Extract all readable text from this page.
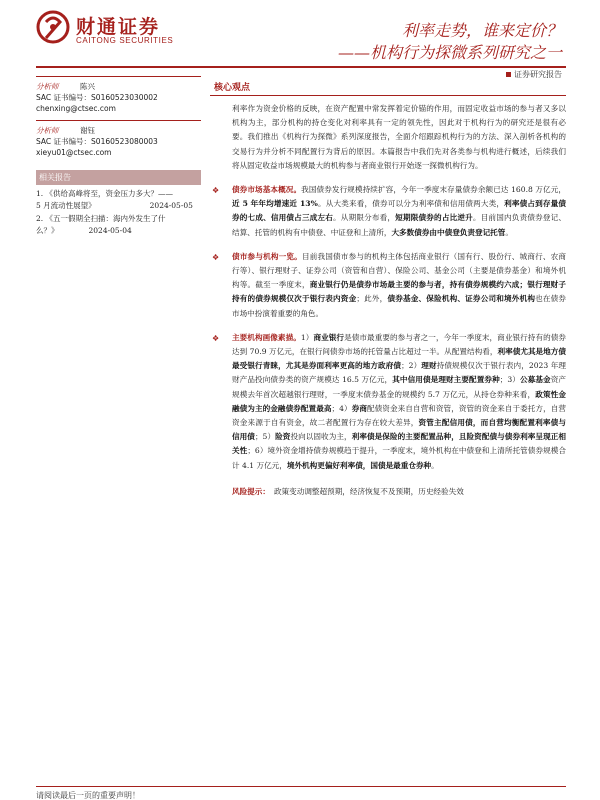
财通证券
CAITONG SECURITIES
利率走势，谁来定价？
——机构行为探微系列研究之一
证券研究报告
分析师	陈兴
SAC 证书编号：S0160523030002
chenxing@ctsec.com
分析师	谢钰
SAC 证书编号：S0160523080003
xieyu01@ctsec.com
相关报告
1. 《供给高峰将至，资金压力多大？——
5 月流动性展望》	2024-05-05
2. 《五一假期全扫描：海内外发生了什
么？》	2024-05-04
核心观点
利率作为资金价格的反映，在资产配置中常发挥着定价锚的作用，而固定收益市场的参与者又多以机构为主，部分机构的持仓变化对利率具有一定的领先性，因此对于机构行为的研究还是很有必要。我们推出《机构行为探微》系列深度报告，全面介绍跟踪机构行为的方法、深入剖析各机构的交易行为并分析不同配置行为背后的原因。本篇报告中我们先对各类参与机构进行概述，后续我们将从固定收益市场规模最大的机构参与者商业银行开始逐一探微机构行为。
❖ 债券市场基本概况。我国债券发行规模持续扩容，今年一季度末存量债券余额已达 160.8 万亿元，近 5 年年均增速近 13%。从大类来看，债券可以分为利率债和信用债两大类，利率债占到存量债券的七成、信用债占三成左右。从期限分布看，短期限债券的占比逆升。目前国内负责债券登记、结算、托管的机构有中债登、中证登和上清所，大多数债券由中债登负责登记托管。
❖ 债市参与机构一览。目前我国债市参与的机构主体包括商业银行（国有行、股份行、城商行、农商行等）、银行理财子、证券公司（资管和自营）、保险公司、基金公司（主要是债券基金）和境外机构等。截至一季度末，商业银行仍是债券市场最主要的参与者，持有债券规模约六成；银行理财子持有的债券规模仅次于银行表内资金；此外，债券基金、保险机构、证券公司和境外机构也在债券市场中扮演着重要的角色。
❖ 主要机构画像素描。1）商业银行是债市最重要的参与者之一，今年一季度末，商业银行持有的债券达到 70.9 万亿元，在银行间债券市场的托管量占比超过一半。从配置结构看，利率债尤其是地方债最受银行青睐，尤其是券面利率更高的地方政府债；2）理财持债规模仅次于银行表内，2023 年理财产品投向债券类的资产规模达 16.5 万亿元，其中信用债是理财主要配置券种；3）公募基金资产规模去年首次超越银行理财，一季度末债券基金的规模约 5.7 万亿元，从持仓券种来看，政策性金融债为主的金融债券配置最高；4）券商配债资金来自自营和资管，资管的资金来自于委托方，自营资金来源于自有资金，故二者配置行为存在较大差异，资管主配信用债，而自营均衡配置利率债与信用债；5）险资投向以固收为主，利率债是保险的主要配置品种，且险资配债与债券利率呈现正相关性；6）境外资金增持债券规模趋于提升，一季度末，境外机构在中债登和上清所托管债券规模合计 4.1 万亿元，境外机构更偏好利率债，国债是最重仓券种。
风险提示： 政策变动调整超预期，经济恢复不及预期，历史经验失效
请阅读最后一页的重要声明！
